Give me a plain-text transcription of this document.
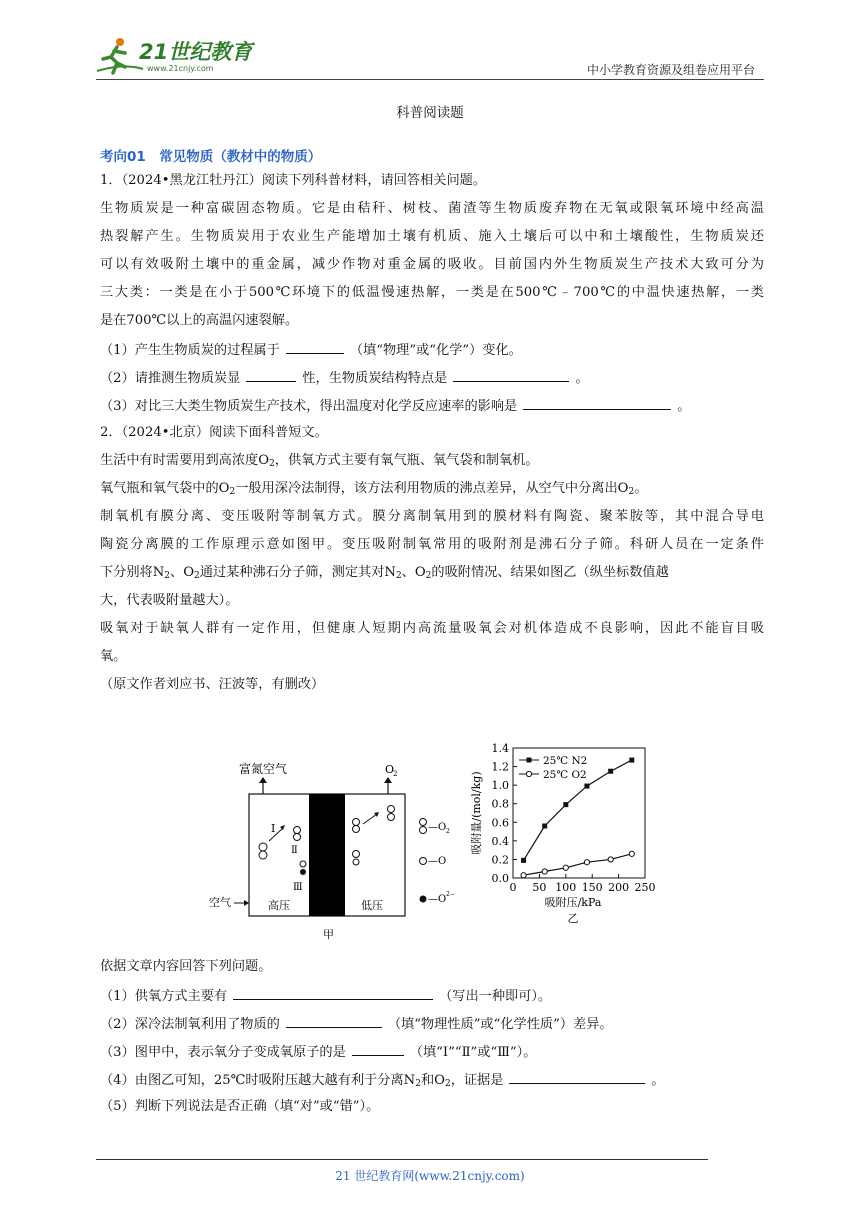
21世纪教育
www.21cnjy.com	中小学教育资源及组卷应用平台
科普阅读题
考向01　常见物质（教材中的物质）
1．（2024•黑龙江牡丹江）阅读下列科普材料，请回答相关问题。
生物质炭是一种富碳固态物质。它是由秸秆、树枝、菌渣等生物质废弃物在无氧或限氧环境中经高温
热裂解产生。生物质炭用于农业生产能增加土壤有机质、施入土壤后可以中和土壤酸性，生物质炭还
可以有效吸附土壤中的重金属，减少作物对重金属的吸收。目前国内外生物质炭生产技术大致可分为
三大类：一类是在小于500℃环境下的低温慢速热解，一类是在500℃﹣700℃的中温快速热解，一类
是在700℃以上的高温闪速裂解。
（1）产生生物质炭的过程属于	（填“物理”或“化学”）变化。
（2）请推测生物质炭显	性，生物质炭结构特点是	。
（3）对比三大类生物质炭生产技术，得出温度对化学反应速率的影响是	。
2．（2024•北京）阅读下面科普短文。
生活中有时需要用到高浓度$O_2$，供氧方式主要有氧气瓶、氧气袋和制氧机。
氧气瓶和氧气袋中的$O_2$一般用深冷法制得，该方法利用物质的沸点差异，从空气中分离出$O_2$。
制氧机有膜分离、变压吸附等制氧方式。膜分离制氧用到的膜材料有陶瓷、聚苯胺等，其中混合导电
陶瓷分离膜的工作原理示意如图甲。变压吸附制氧常用的吸附剂是沸石分子筛。科研人员在一定条件
下分别将$N_2$、$O_2$通过某种沸石分子筛，测定其对$N_2$、$O_2$的吸附情况、结果如图乙（纵坐标数值越
大，代表吸附量越大）。
吸氧对于缺氧人群有一定作用，但健康人短期内高流量吸氧会对机体造成不良影响，因此不能盲目吸
氧。
（原文作者刘应书、汪波等，有删改）
富氮空气	O
2
Ⅰ
Ⅱ
Ⅲ
高压	低压
空气
甲
—O 2
—O
—O 2−
吸附量/(mol/kg)
吸附压/kPa
乙
0.0
0.2
0.4
0.6
0.8
1.0
1.2
1.4
0 50 100 150 200 250
25℃ N2
25℃ O2
依据文章内容回答下列问题。
（1）供氧方式主要有	（写出一种即可）。
（2）深冷法制氧利用了物质的	（填“物理性质”或“化学性质”）差异。
（3）图甲中，表示氧分子变成氧原子的是	（填“Ⅰ”“Ⅱ”或“Ⅲ”）。
（4）由图乙可知，25℃时吸附压越大越有利于分离$N_2$和$O_2$，证据是	。
（5）判断下列说法是否正确（填“对”或“错”）。
21 世纪教育网(www.21cnjy.com)
